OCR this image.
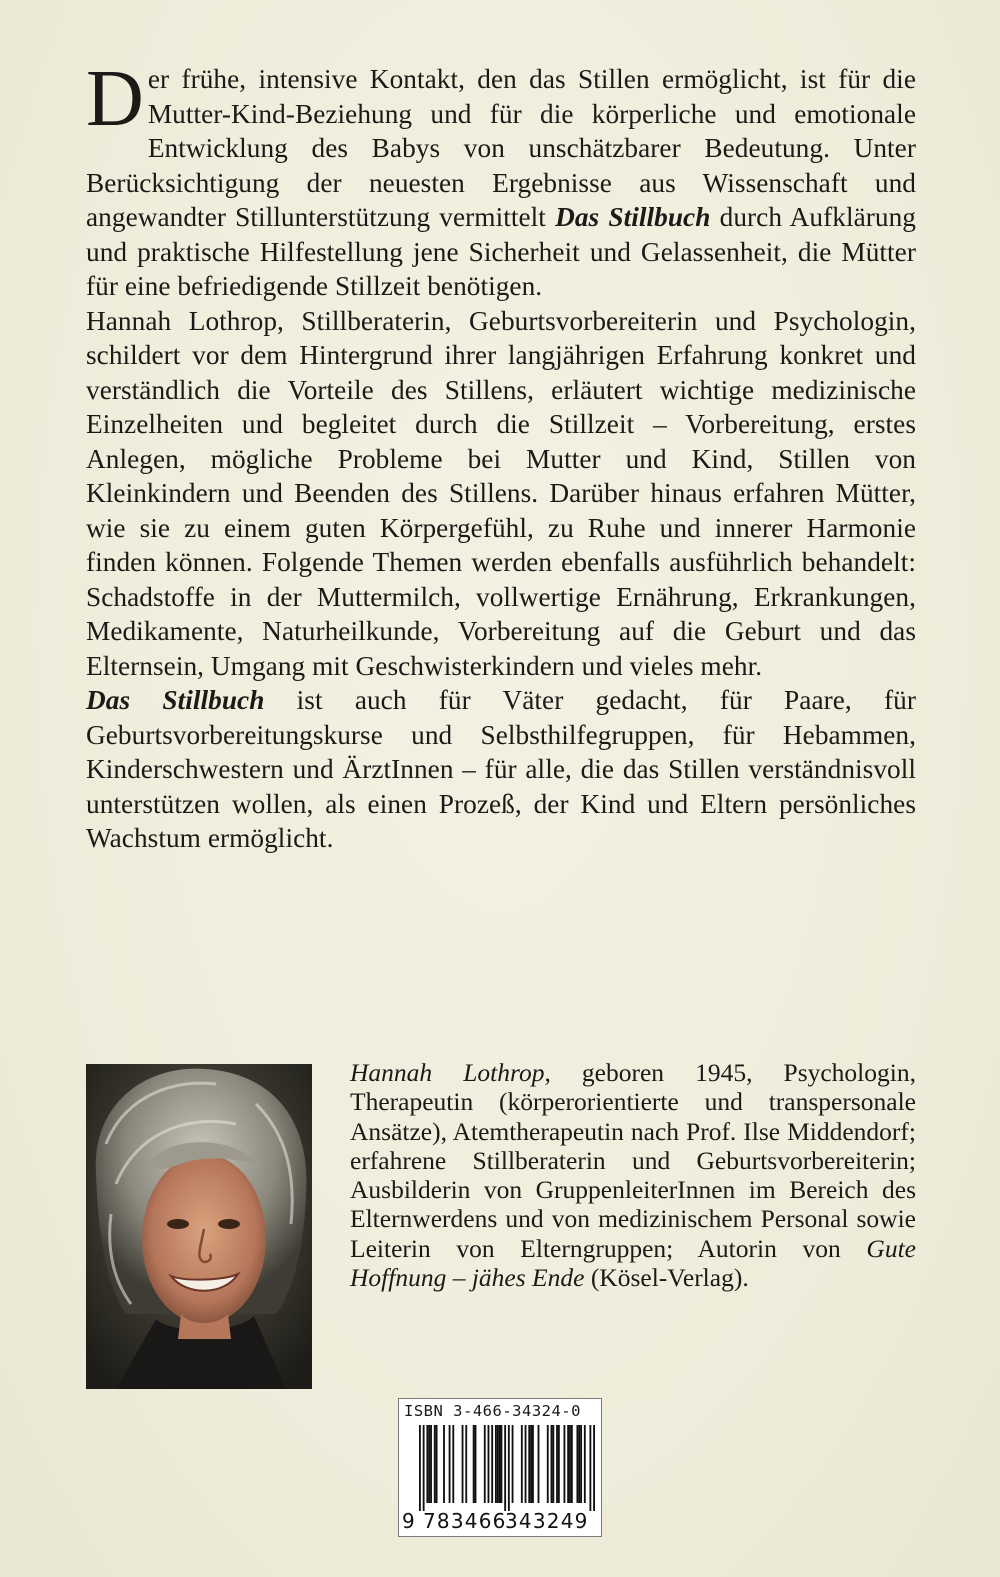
Der frühe, intensive Kontakt, den das Stillen ermöglicht, ist für die Mutter-Kind-Beziehung und für die körperliche und emotionale Entwicklung des Babys von unschätzbarer Bedeutung. Unter Berücksichtigung der neuesten Ergebnisse aus Wissenschaft und angewandter Stillunterstützung vermittelt Das Stillbuch durch Aufklärung und praktische Hilfestellung jene Sicherheit und Gelassenheit, die Mütter für eine befriedigende Stillzeit benötigen.

Hannah Lothrop, Stillberaterin, Geburtsvorbereiterin und Psychologin, schildert vor dem Hintergrund ihrer langjährigen Erfahrung konkret und verständlich die Vorteile des Stillens, erläutert wichtige medizinische Einzelheiten und begleitet durch die Stillzeit – Vorbereitung, erstes Anlegen, mögliche Probleme bei Mutter und Kind, Stillen von Kleinkindern und Beenden des Stillens. Darüber hinaus erfahren Mütter, wie sie zu einem guten Körpergefühl, zu Ruhe und innerer Harmonie finden können. Folgende Themen werden ebenfalls ausführlich behandelt: Schadstoffe in der Muttermilch, vollwertige Ernährung, Erkrankungen, Medikamente, Naturheilkunde, Vorbereitung auf die Geburt und das Elternsein, Umgang mit Geschwisterkindern und vieles mehr.

Das Stillbuch ist auch für Väter gedacht, für Paare, für Geburtsvorbereitungskurse und Selbsthilfegruppen, für Hebammen, Kinderschwestern und ÄrztInnen – für alle, die das Stillen verständnisvoll unterstützen wollen, als einen Prozeß, der Kind und Eltern persönliches Wachstum ermöglicht.

Hannah Lothrop, geboren 1945, Psychologin, Therapeutin (körperorientierte und transpersonale Ansätze), Atemtherapeutin nach Prof. Ilse Middendorf; erfahrene Stillberaterin und Geburtsvorbereiterin; Ausbilderin von GruppenleiterInnen im Bereich des Elternwerdens und von medizinischem Personal sowie Leiterin von Elterngruppen; Autorin von Gute Hoffnung – jähes Ende (Kösel-Verlag).

ISBN 3-466-34324-0
9 783466
343249
